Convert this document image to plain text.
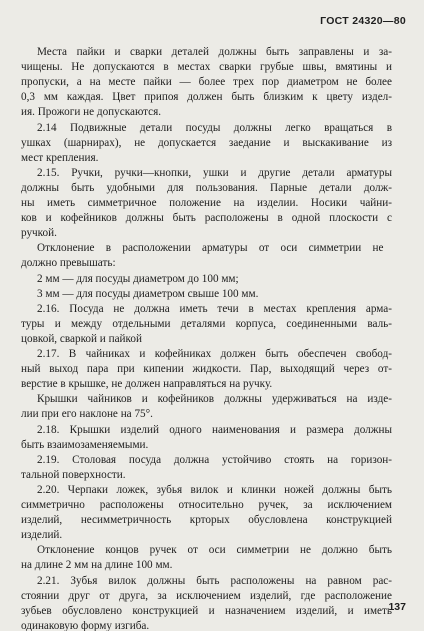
ГОСТ 24320—80
Места пайки и сварки деталей должны быть заправлены и за-
чищены. Не допускаются в местах сварки грубые швы, вмятины и
пропуски, а на месте пайки — более трех пор диаметром не более
0,3 мм каждая. Цвет припоя должен быть близким к цвету издел-
ия. Прожоги не допускаются.
2.14 Подвижные детали посуды должны легко вращаться в
ушках (шарнирах), не допускается заедание и выскакивание из
мест крепления.
2.15. Ручки, ручки—кнопки, ушки и другие детали арматуры
должны быть удобными для пользования. Парные детали долж-
ны иметь симметричное положение на изделии. Носики чайни-
ков и кофейников должны быть расположены в одной плоскости с
ручкой.
Отклонение в расположении арматуры от оси симметрии не
должно превышать:
2 мм — для посуды диаметром до 100 мм;
3 мм — для посуды диаметром свыше 100 мм.
2.16. Посуда не должна иметь течи в местах крепления арма-
туры и между отдельными деталями корпуса, соединенными валь-
цовкой, сваркой и пайкой
2.17. В чайниках и кофейниках должен быть обеспечен свобод-
ный выход пара при кипении жидкости. Пар, выходящий через от-
верстие в крышке, не должен направляться на ручку.
Крышки чайников и кофейников должны удерживаться на издe-
лии при его наклоне на 75°.
2.18. Крышки изделий одного наименования и размера должны
быть взаимозаменяемыми.
2.19. Столовая посуда должна устойчиво стоять на горизон-
тальной поверхности.
2.20. Черпаки ложек, зубья вилок и клинки ножей должны быть
симметрично расположены относительно ручек, за исключением
изделий, несимметричность крторых обусловлена конструкцией
изделий.
Отклонение концов ручек от оси симметрии не должно быть
на длине 2 мм на длине 100 мм.
2.21. Зубья вилок должны быть расположены на равном рас-
стоянии друг от друга, за исключением изделий, где расположение
зубьев обусловлено конструкцией и назначением изделий, и иметь
одинаковую форму изгиба.
137
